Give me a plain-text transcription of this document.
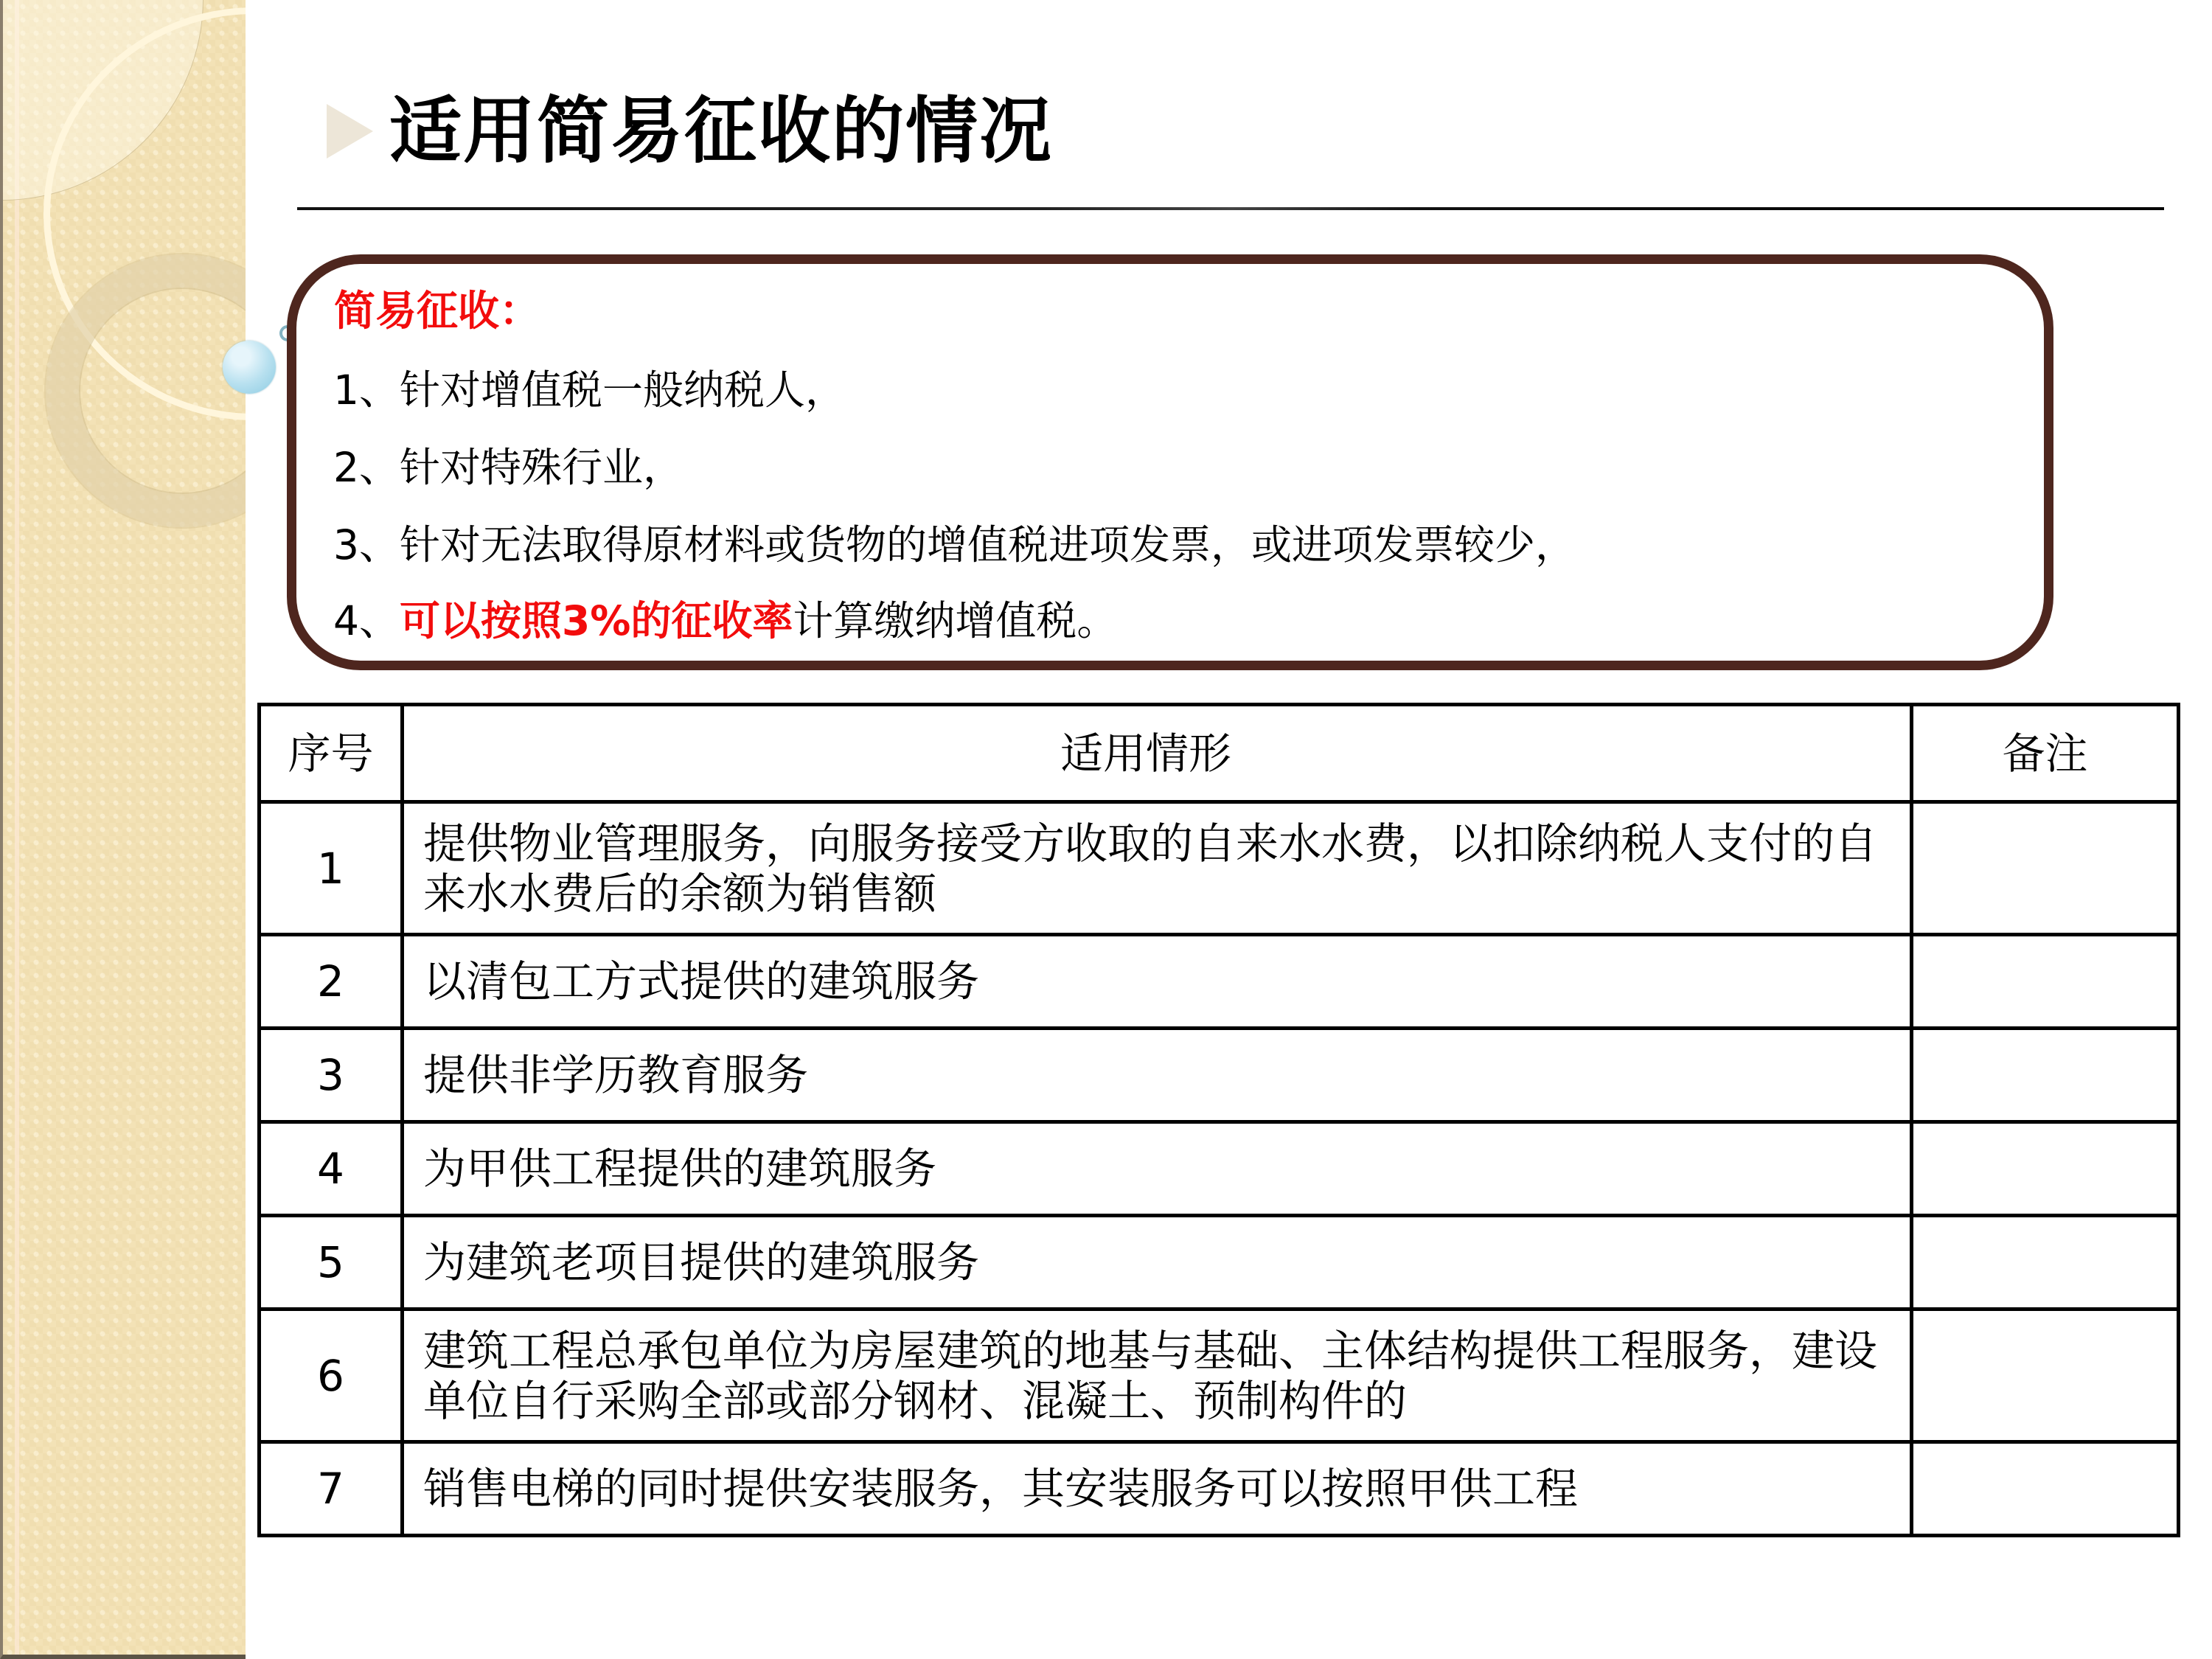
适用简易征收的情况
简易征收：
1、针对增值税一般纳税人，
2、针对特殊行业，
3、针对无法取得原材料或货物的增值税进项发票，或进项发票较少，
4、可以按照3%的征收率计算缴纳增值税。
序号	适用情形	备注
1	提供物业管理服务，向服务接受方收取的自来水水费，以扣除纳税人支付的自来水水费后的余额为销售额	
2	以清包工方式提供的建筑服务	
3	提供非学历教育服务	
4	为甲供工程提供的建筑服务	
5	为建筑老项目提供的建筑服务	
6	建筑工程总承包单位为房屋建筑的地基与基础、主体结构提供工程服务，建设单位自行采购全部或部分钢材、混凝土、预制构件的	
7	销售电梯的同时提供安装服务，其安装服务可以按照甲供工程	
